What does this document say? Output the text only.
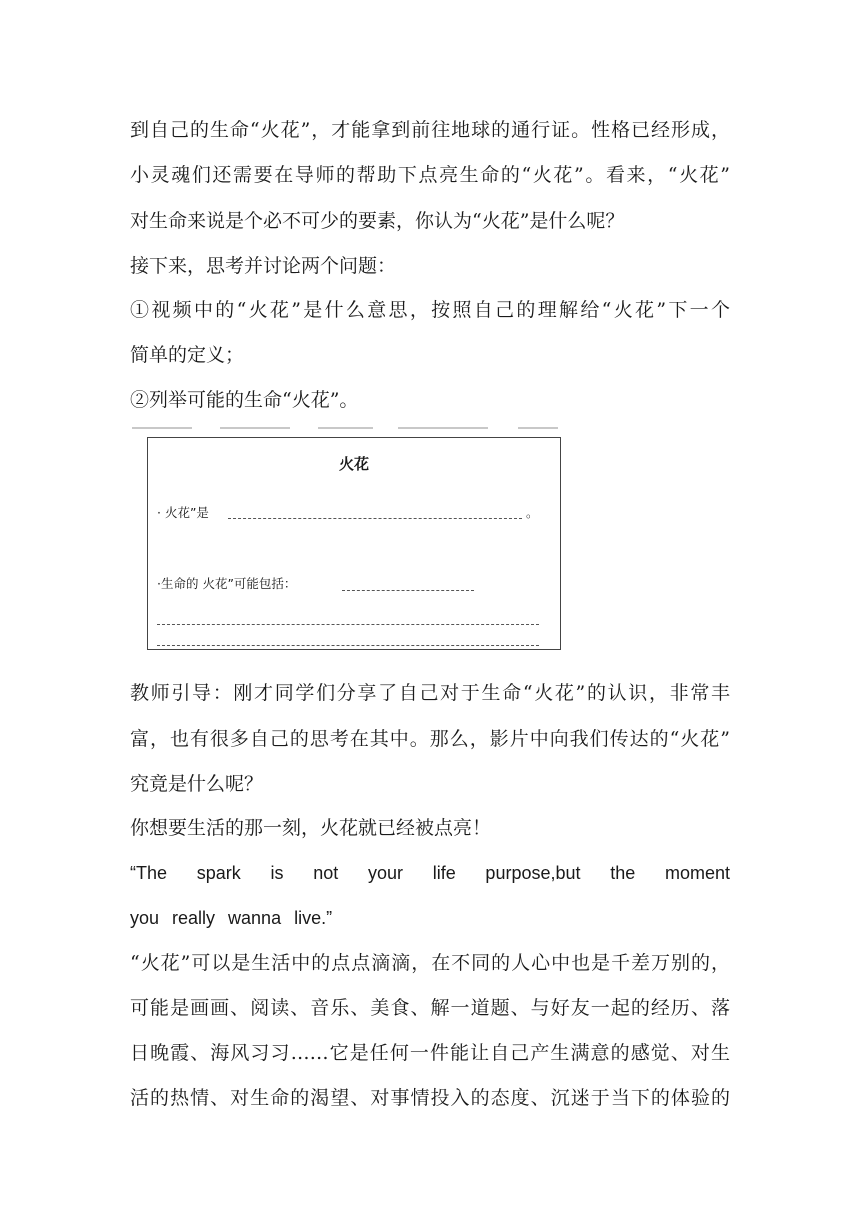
到自己的生命“火花”，才能拿到前往地球的通行证。性格已经形成，
小灵魂们还需要在导师的帮助下点亮生命的“火花”。看来，“火花”
对生命来说是个必不可少的要素，你认为“火花”是什么呢？
接下来，思考并讨论两个问题：
①视频中的“火花”是什么意思，按照自己的理解给“火花”下一个
简单的定义；
②列举可能的生命“火花”。
火花
· 火花”是	。
·生命的 火花”可能包括：
教师引导：刚才同学们分享了自己对于生命“火花”的认识，非常丰
富，也有很多自己的思考在其中。那么，影片中向我们传达的“火花”
究竟是什么呢？
你想要生活的那一刻，火花就已经被点亮！
“The spark is not your life purpose,but the moment
you really wanna live.”
“火花”可以是生活中的点点滴滴，在不同的人心中也是千差万别的，
可能是画画、阅读、音乐、美食、解一道题、与好友一起的经历、落
日晚霞、海风习习……它是任何一件能让自己产生满意的感觉、对生
活的热情、对生命的渴望、对事情投入的态度、沉迷于当下的体验的
